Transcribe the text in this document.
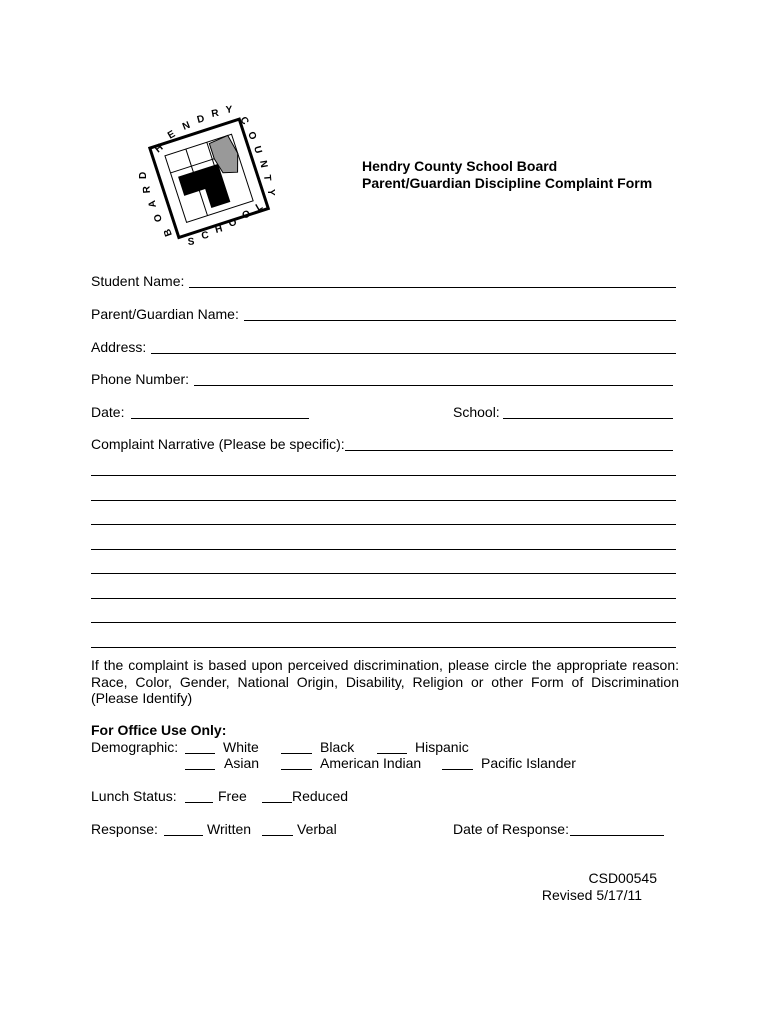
H
E
N
D R Y
C
O
U
N
T
Y
L
O
O
H
C
S
B
O
A
R
D
Hendry County School Board
Parent/Guardian Discipline Complaint Form
Student Name:
Parent/Guardian Name:
Address:
Phone Number:
Date:	School:
Complaint Narrative (Please be specific):
If the complaint is based upon perceived discrimination, please circle the appropriate reason: Race, Color, Gender, National Origin, Disability, Religion or other Form of Discrimination (Please Identify)
For Office Use Only:
Demographic:	White	Black	Hispanic
Asian	American Indian	Pacific Islander
Lunch Status:	Free	Reduced
Response:	Written	Verbal	Date of Response:
CSD00545
Revised 5/17/11
